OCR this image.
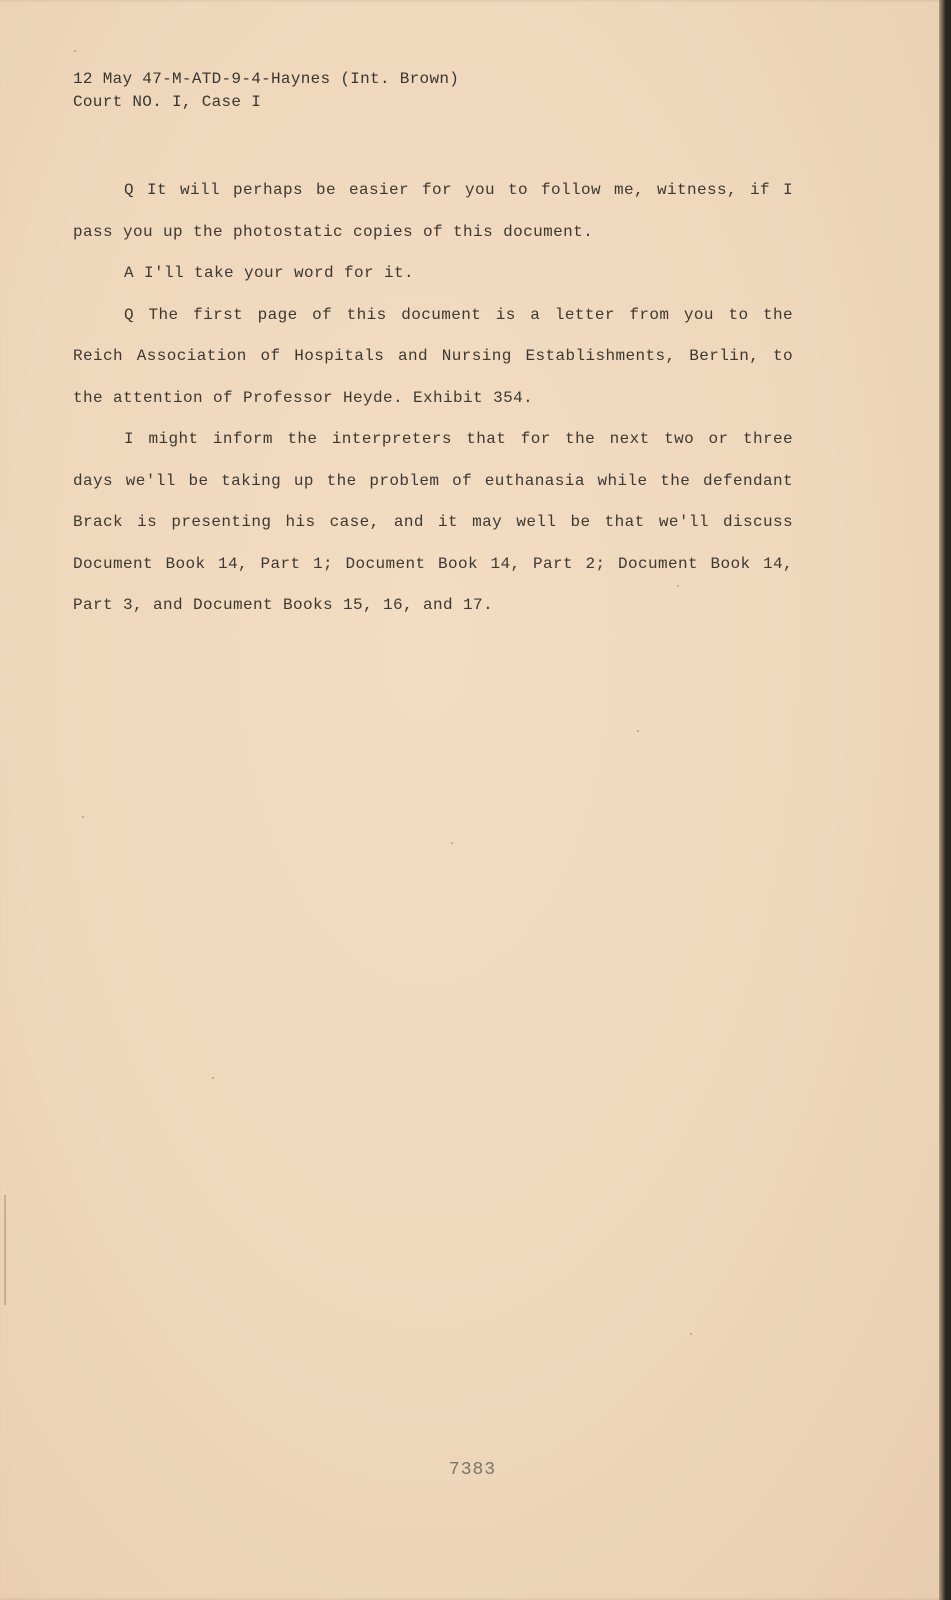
12 May 47-M-ATD-9-4-Haynes (Int. Brown)
Court NO. I, Case I

Q It will perhaps be easier for you to follow me, witness, if I pass you up the photostatic copies of this document.

A I'll take your word for it.

Q The first page of this document is a letter from you to the Reich Association of Hospitals and Nursing Establishments, Berlin, to the attention of Professor Heyde. Exhibit 354.

I might inform the interpreters that for the next two or three days we'll be taking up the problem of euthanasia while the defendant Brack is presenting his case, and it may well be that we'll discuss Document Book 14, Part 1; Document Book 14, Part 2; Document Book 14, Part 3, and Document Books 15, 16, and 17.

7383
